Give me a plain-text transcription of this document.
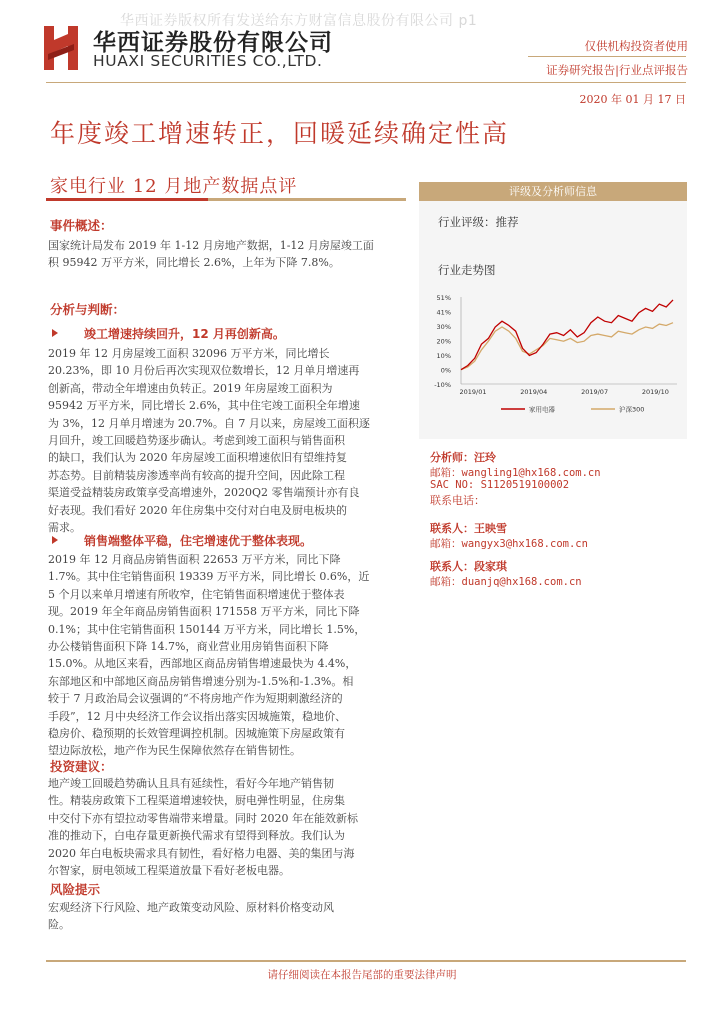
华西证券版权所有发送给东方财富信息股份有限公司 p1
华西证券股份有限公司
HUAXI SECURITIES CO.,LTD.
仅供机构投资者使用
证券研究报告|行业点评报告
2020 年 01 月 17 日
年度竣工增速转正，回暖延续确定性高
家电行业 12 月地产数据点评
事件概述：
国家统计局发布 2019 年 1-12 月房地产数据，1-12 月房屋竣工面
积 95942 万平方米，同比增长 2.6%，上年为下降 7.8%。
分析与判断：
竣工增速持续回升，12 月再创新高。
2019 年 12 月房屋竣工面积 32096 万平方米，同比增长
20.23%，即 10 月份后再次实现双位数增长，12 月单月增速再
创新高，带动全年增速由负转正。2019 年房屋竣工面积为
95942 万平方米，同比增长 2.6%，其中住宅竣工面积全年增速
为 3%，12 月单月增速为 20.7%。自 7 月以来，房屋竣工面积逐
月回升，竣工回暖趋势逐步确认。考虑到竣工面积与销售面积
的缺口，我们认为 2020 年房屋竣工面积增速依旧有望维持复
苏态势。目前精装房渗透率尚有较高的提升空间，因此除工程
渠道受益精装房政策享受高增速外，2020Q2 零售端预计亦有良
好表现。我们看好 2020 年住房集中交付对白电及厨电板块的
需求。
销售端整体平稳，住宅增速优于整体表现。
2019 年 12 月商品房销售面积 22653 万平方米，同比下降
1.7%。其中住宅销售面积 19339 万平方米，同比增长 0.6%，近
5 个月以来单月增速有所收窄，住宅销售面积增速优于整体表
现。2019 年全年商品房销售面积 171558 万平方米，同比下降
0.1%；其中住宅销售面积 150144 万平方米，同比增长 1.5%，
办公楼销售面积下降 14.7%，商业营业用房销售面积下降
15.0%。从地区来看，西部地区商品房销售增速最快为 4.4%，
东部地区和中部地区商品房销售增速分别为-1.5%和-1.3%。相
较于 7 月政治局会议强调的“不将房地产作为短期刺激经济的
手段”，12 月中央经济工作会议指出落实因城施策，稳地价、
稳房价、稳预期的长效管理调控机制。因城施策下房屋政策有
望边际放松，地产作为民生保障依然存在销售韧性。
投资建议：
地产竣工回暖趋势确认且具有延续性，看好今年地产销售韧
性。精装房政策下工程渠道增速较快，厨电弹性明显，住房集
中交付下亦有望拉动零售端带来增量。同时 2020 年在能效新标
准的推动下，白电存量更新换代需求有望得到释放。我们认为
2020 年白电板块需求具有韧性，看好格力电器、美的集团与海
尔智家，厨电领域工程渠道放量下看好老板电器。
风险提示
宏观经济下行风险、地产政策变动风险、原材料价格变动风
险。
评级及分析师信息
行业评级：推荐
行业走势图
51%
41%
30%
20%
10%
0%
-10%
2019/01	2019/04	2019/07	2019/10
家用电器	沪深300
分析师：汪玲
邮箱：wangling1@hx168.com.cn
SAC NO: S1120519100002
联系电话：
联系人：王映雪
邮箱：wangyx3@hx168.com.cn
联系人：段家琪
邮箱：duanjq@hx168.com.cn
请仔细阅读在本报告尾部的重要法律声明
